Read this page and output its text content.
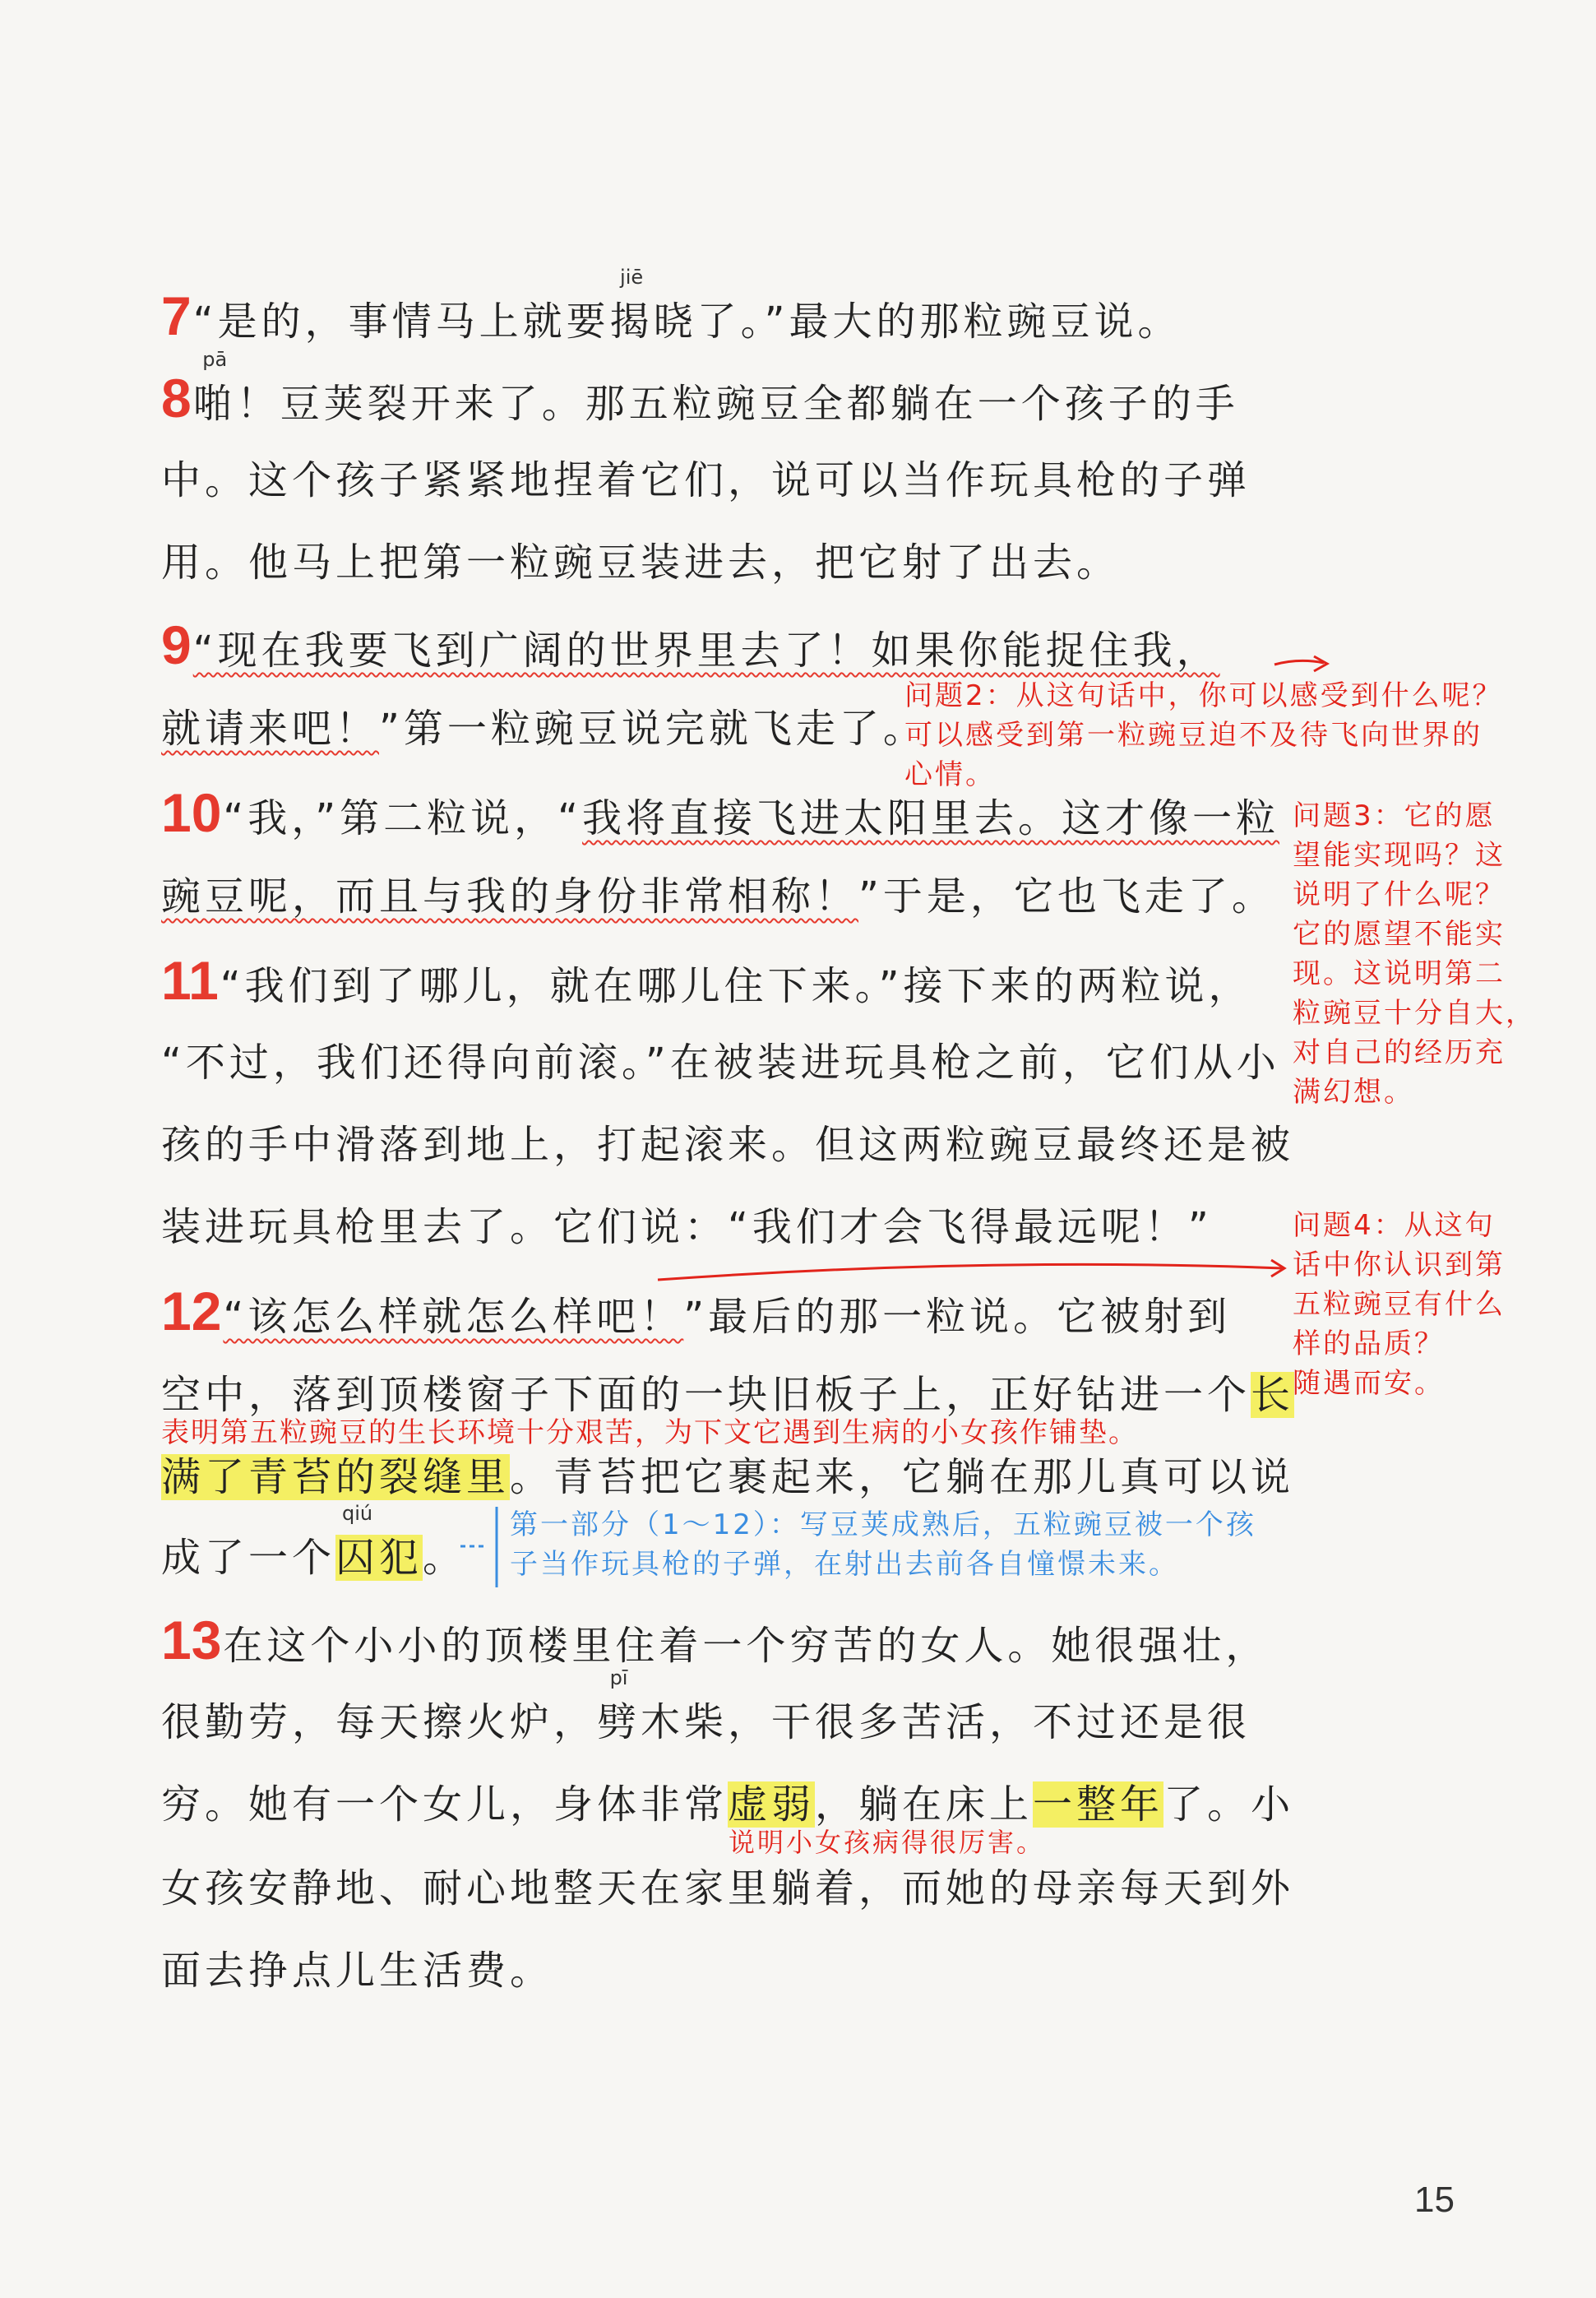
7“是的，事情马上就要
jiē
揭晓了。”最大的那粒豌豆说。
8
pā
啪！豆荚裂开来了。那五粒豌豆全都躺在一个孩子的手
中。这个孩子紧紧地捏着它们，说可以当作玩具枪的子弹
用。他马上把第一粒豌豆装进去，把它射了出去。
9“现在我要飞到广阔的世界里去了！如果你能捉住我，
就请来吧！”第一粒豌豆说完就飞走了。
10“我，”第二粒说，“我将直接飞进太阳里去。这才像一粒
豌豆呢，而且与我的身份非常相称！”于是，它也飞走了。
11“我们到了哪儿，就在哪儿住下来。”接下来的两粒说，
“不过，我们还得向前滚。”在被装进玩具枪之前，它们从小
孩的手中滑落到地上，打起滚来。但这两粒豌豆最终还是被
装进玩具枪里去了。它们说：“我们才会飞得最远呢！”
12“该怎么样就怎么样吧！”最后的那一粒说。它被射到
空中，落到顶楼窗子下面的一块旧板子上，正好钻进一个长
满了青苔的裂缝里。青苔把它裹起来，它躺在那儿真可以说
成了一个
qiú
囚犯。
13在这个小小的顶楼里住着一个穷苦的女人。她很强壮，
很勤劳，每天擦火炉，
pī
劈木柴，干很多苦活，不过还是很
穷。她有一个女儿，身体非常虚弱，躺在床上一整年了。小
女孩安静地、耐心地整天在家里躺着，而她的母亲每天到外
面去挣点儿生活费。
问题2：从这句话中，你可以感受到什么呢？
可以感受到第一粒豌豆迫不及待飞向世界的
心情。
问题3：它的愿
望能实现吗？这
说明了什么呢？
它的愿望不能实
现。这说明第二
粒豌豆十分自大，
对自己的经历充
满幻想。
问题4：从这句
话中你认识到第
五粒豌豆有什么
样的品质？
随遇而安。
表明第五粒豌豆的生长环境十分艰苦，为下文它遇到生病的小女孩作铺垫。
第一部分（1～12）：写豆荚成熟后，五粒豌豆被一个孩
子当作玩具枪的子弹，在射出去前各自憧憬未来。
说明小女孩病得很厉害。
15
